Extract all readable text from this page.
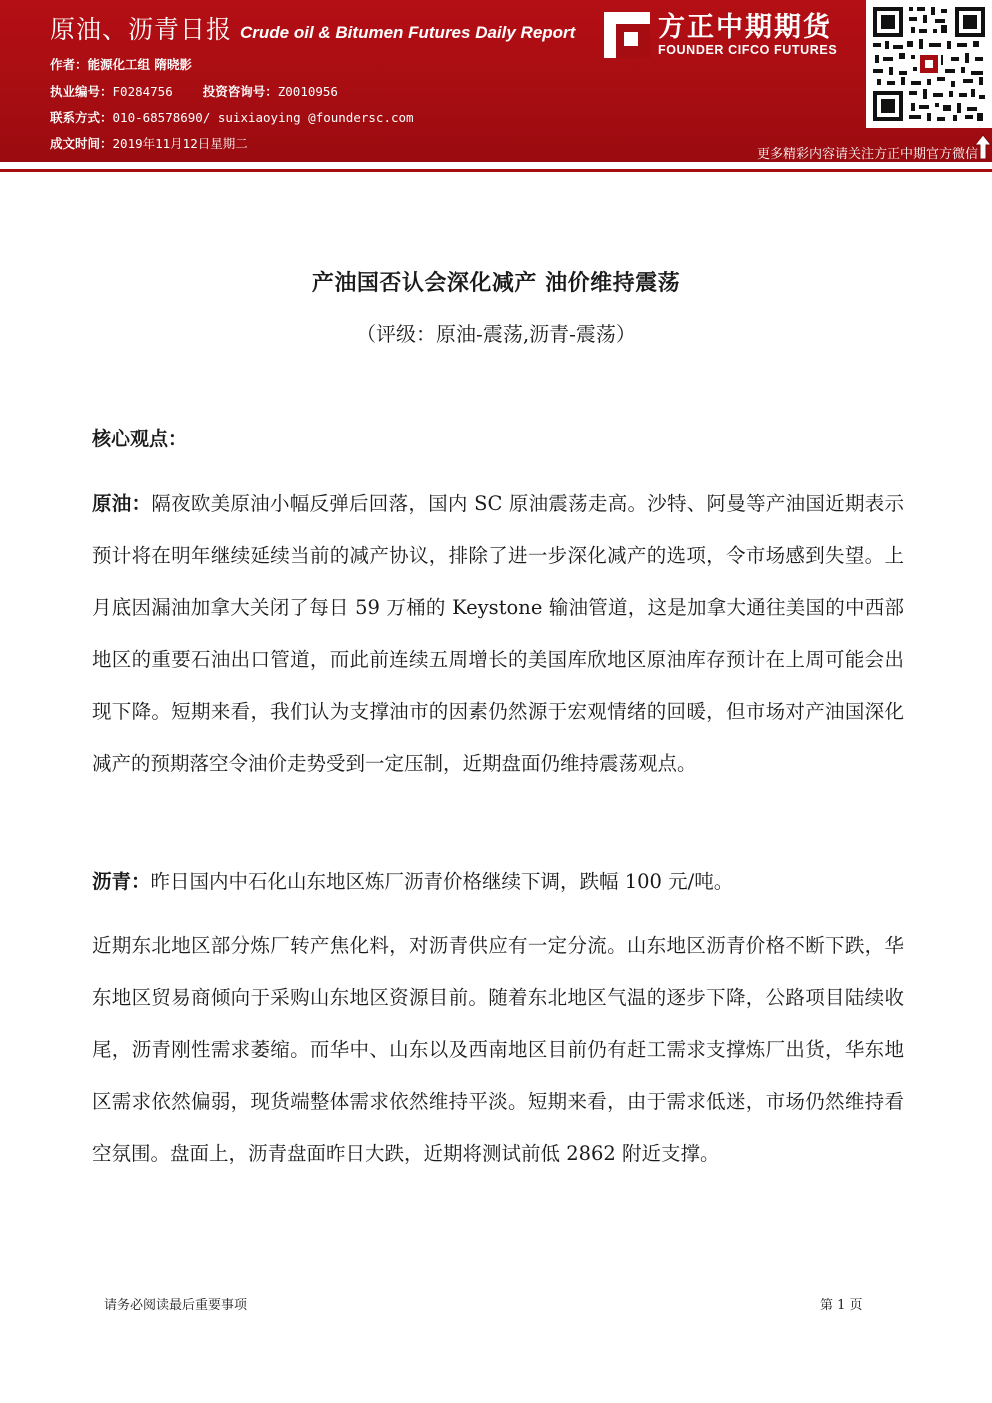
原油、沥青日报 Crude oil & Bitumen Futures Daily Report
作者：能源化工组 隋晓影
执业编号：F0284756 投资咨询号：Z0010956
联系方式：010-68578690/ suixiaoying @foundersc.com
成文时间：2019年11月12日星期二
方正中期期货
FOUNDER CIFCO FUTURES
更多精彩内容请关注方正中期官方微信
产油国否认会深化减产 油价维持震荡
（评级：原油-震荡,沥青-震荡）
核心观点：
原油：隔夜欧美原油小幅反弹后回落，国内 SC 原油震荡走高。沙特、阿曼等产油国近期表示预计将在明年继续延续当前的减产协议，排除了进一步深化减产的选项，令市场感到失望。上月底因漏油加拿大关闭了每日 59 万桶的 Keystone 输油管道，这是加拿大通往美国的中西部地区的重要石油出口管道，而此前连续五周增长的美国库欣地区原油库存预计在上周可能会出现下降。短期来看，我们认为支撑油市的因素仍然源于宏观情绪的回暖，但市场对产油国深化减产的预期落空令油价走势受到一定压制，近期盘面仍维持震荡观点。
沥青：昨日国内中石化山东地区炼厂沥青价格继续下调，跌幅 100 元/吨。
近期东北地区部分炼厂转产焦化料，对沥青供应有一定分流。山东地区沥青价格不断下跌，华东地区贸易商倾向于采购山东地区资源目前。随着东北地区气温的逐步下降，公路项目陆续收尾，沥青刚性需求萎缩。而华中、山东以及西南地区目前仍有赶工需求支撑炼厂出货，华东地区需求依然偏弱，现货端整体需求依然维持平淡。短期来看，由于需求低迷，市场仍然维持看空氛围。盘面上，沥青盘面昨日大跌，近期将测试前低 2862 附近支撑。
请务必阅读最后重要事项	第 1 页
